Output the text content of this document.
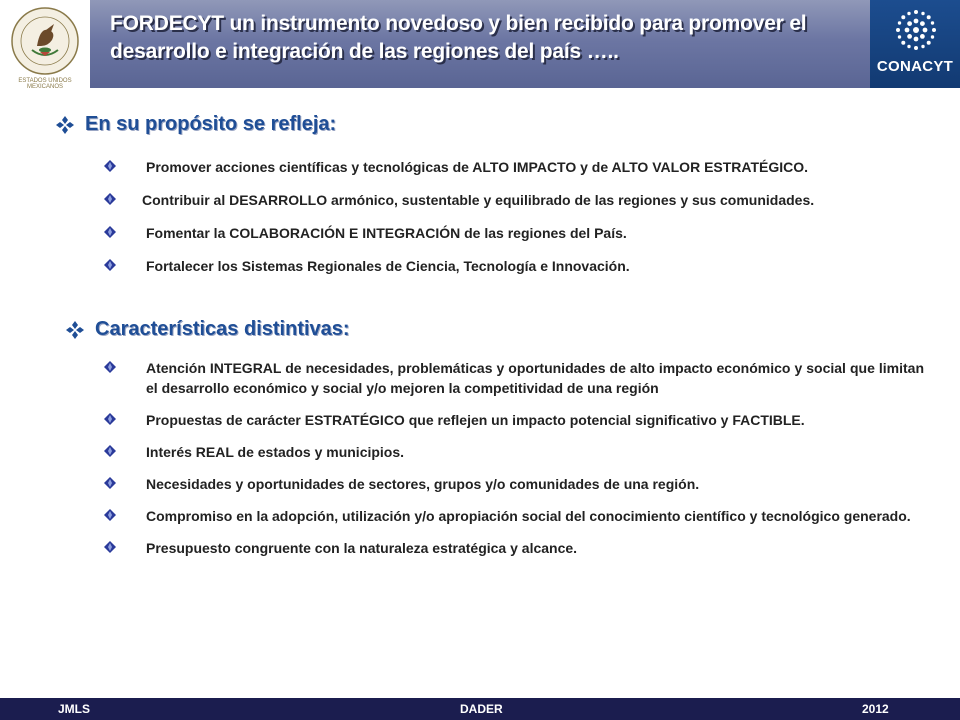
ESTADOS UNIDOS MEXICANOS
FORDECYT un instrumento novedoso y bien recibido para promover el desarrollo e integración de las regiones del país …..
CONACYT
En su propósito se refleja:
Promover acciones científicas y tecnológicas de ALTO IMPACTO y de ALTO VALOR ESTRATÉGICO.
Contribuir al DESARROLLO armónico, sustentable y equilibrado de las regiones y sus comunidades.
Fomentar la COLABORACIÓN E INTEGRACIÓN de las regiones del País.
Fortalecer los Sistemas Regionales de Ciencia, Tecnología e Innovación.
Características distintivas:
Atención INTEGRAL de necesidades, problemáticas y oportunidades de alto impacto económico y social que limitan el desarrollo económico y social y/o mejoren la competitividad de una región
Propuestas de carácter ESTRATÉGICO que reflejen un impacto potencial significativo y FACTIBLE.
Interés REAL de estados y municipios.
Necesidades y oportunidades de sectores, grupos y/o comunidades de una región.
Compromiso en la adopción, utilización y/o apropiación social del conocimiento científico y tecnológico generado.
Presupuesto congruente con la naturaleza estratégica y alcance.
JMLS	DADER	2012
